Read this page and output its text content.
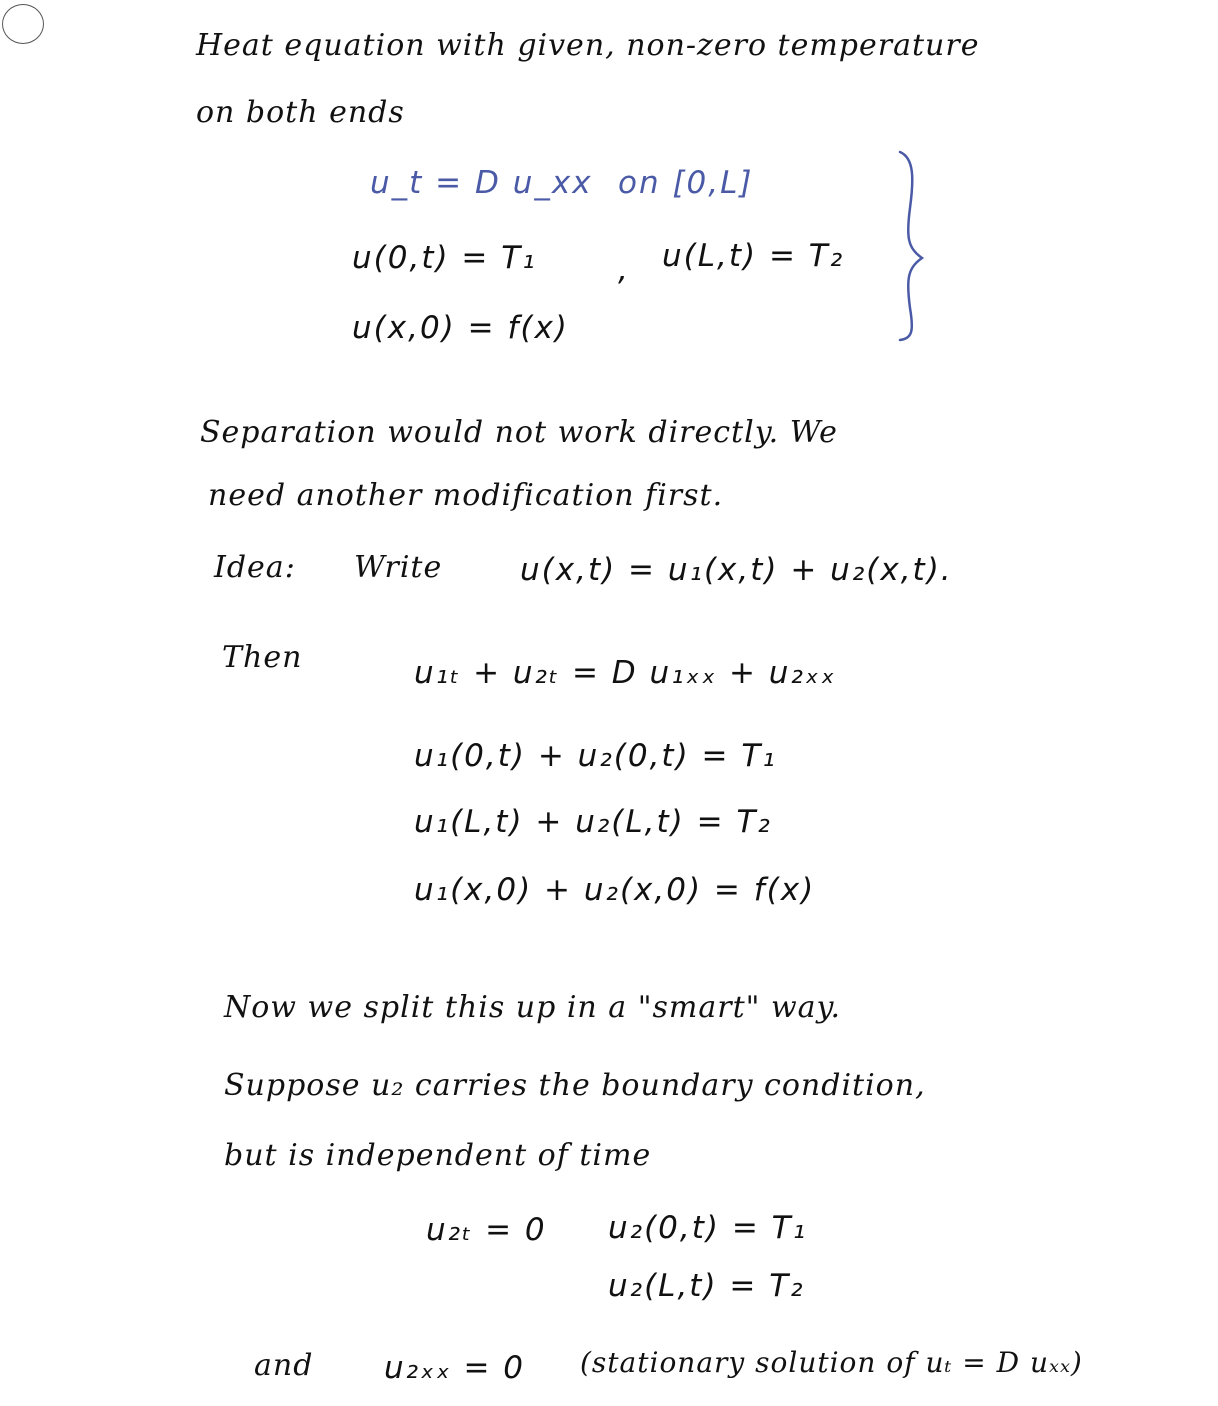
Heat equation with given, non-zero temperature
on both ends
u_t = D u_xx on [0,L]
u(0,t) = T₁	, u(L,t) = T₂
u(x,0) = f(x)
Separation would not work directly. We
need another modification first.
Idea: Write	u(x,t) = u₁(x,t) + u₂(x,t).
Then	u₁ₜ + u₂ₜ = D u₁ₓₓ + u₂ₓₓ
u₁(0,t) + u₂(0,t) = T₁
u₁(L,t) + u₂(L,t) = T₂
u₁(x,0) + u₂(x,0) = f(x)
Now we split this up in a "smart" way.
Suppose u₂ carries the boundary condition,
but is independent of time
u₂ₜ = 0 u₂(0,t) = T₁
u₂(L,t) = T₂
and u₂ₓₓ = 0 (stationary solution of uₜ = D uₓₓ)
